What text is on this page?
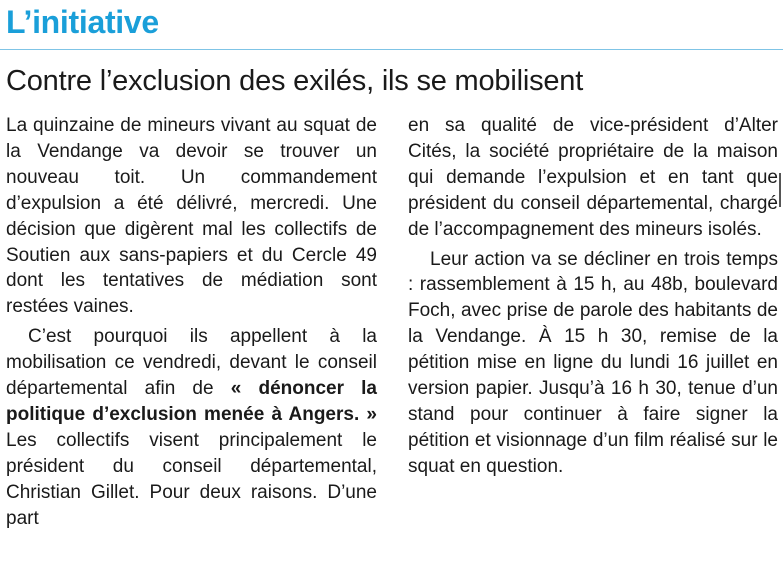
L’initiative
Contre l’exclusion des exilés, ils se mobilisent

La quinzaine de mineurs vivant au squat de la Vendange va devoir se trouver un nouveau toit. Un commandement d’expulsion a été délivré, mercredi. Une décision que digèrent mal les collectifs de Soutien aux sans-papiers et du Cercle 49 dont les tentatives de médiation sont restées vaines.

C’est pourquoi ils appellent à la mobilisation ce vendredi, devant le conseil départemental afin de « dénoncer la politique d’exclusion menée à Angers. » Les collectifs visent principalement le président du conseil départemental, Christian Gillet. Pour deux raisons. D’une part

en sa qualité de vice-président d’Alter Cités, la société propriétaire de la maison qui demande l’expulsion et en tant que président du conseil départemental, chargé de l’accompagnement des mineurs isolés.

Leur action va se décliner en trois temps : rassemblement à 15 h, au 48b, boulevard Foch, avec prise de parole des habitants de la Vendange. À 15 h 30, remise de la pétition mise en ligne du lundi 16 juillet en version papier. Jusqu’à 16 h 30, tenue d’un stand pour continuer à faire signer la pétition et visionnage d’un film réalisé sur le squat en question.
